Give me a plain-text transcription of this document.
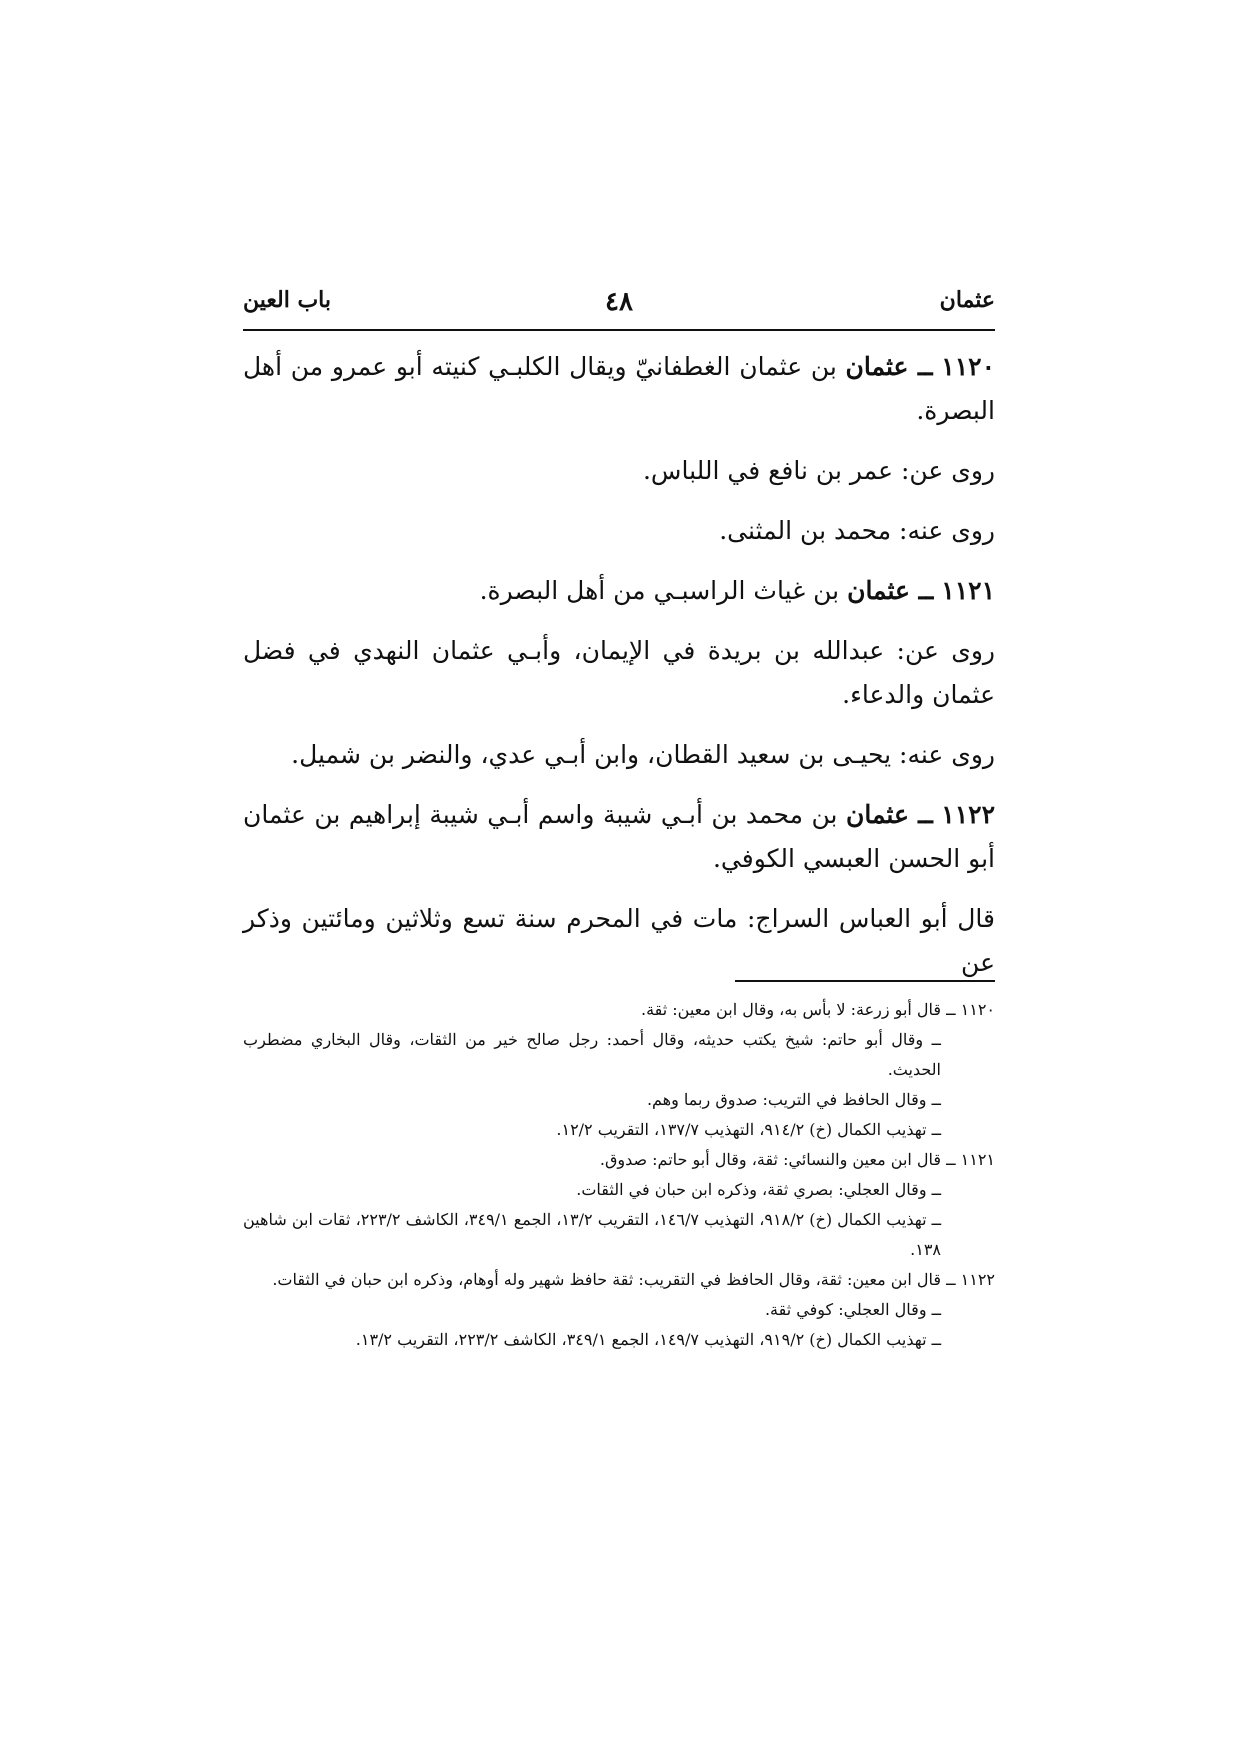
عثمان
٤٨
باب العين

١١٢٠ ــ عثمان بن عثمان الغطفانيّ ويقال الكلبـي كنيته أبو عمرو من أهل البصرة.

روى عن: عمر بن نافع في اللباس.

روى عنه: محمد بن المثنى.

١١٢١ ــ عثمان بن غياث الراسبـي من أهل البصرة.

روى عن: عبدالله بن بريدة في الإيمان، وأبـي عثمان النهدي في فضل عثمان والدعاء.

روى عنه: يحيـى بن سعيد القطان، وابن أبـي عدي، والنضر بن شميل.

١١٢٢ ــ عثمان بن محمد بن أبـي شيبة واسم أبـي شيبة إبراهيم بن عثمان أبو الحسن العبسي الكوفي.

قال أبو العباس السراج: مات في المحرم سنة تسع وثلاثين ومائتين وذكر عن

١١٢٠ ــ قال أبو زرعة: لا بأس به، وقال ابن معين: ثقة.
ــ وقال أبو حاتم: شيخ يكتب حديثه، وقال أحمد: رجل صالح خير من الثقات، وقال البخاري مضطرب الحديث.
ــ وقال الحافظ في التريب: صدوق ربما وهم.
ــ تهذيب الكمال (خ) ٩١٤/٢، التهذيب ١٣٧/٧، التقريب ١٢/٢.
١١٢١ ــ قال ابن معين والنسائي: ثقة، وقال أبو حاتم: صدوق.
ــ وقال العجلي: بصري ثقة، وذكره ابن حبان في الثقات.
ــ تهذيب الكمال (خ) ٩١٨/٢، التهذيب ١٤٦/٧، التقريب ١٣/٢، الجمع ٣٤٩/١، الكاشف ٢٢٣/٢، ثقات ابن شاهين ١٣٨.
١١٢٢ ــ قال ابن معين: ثقة، وقال الحافظ في التقريب: ثقة حافظ شهير وله أوهام، وذكره ابن حبان في الثقات.
ــ وقال العجلي: كوفي ثقة.
ــ تهذيب الكمال (خ) ٩١٩/٢، التهذيب ١٤٩/٧، الجمع ٣٤٩/١، الكاشف ٢٢٣/٢، التقريب ١٣/٢.
